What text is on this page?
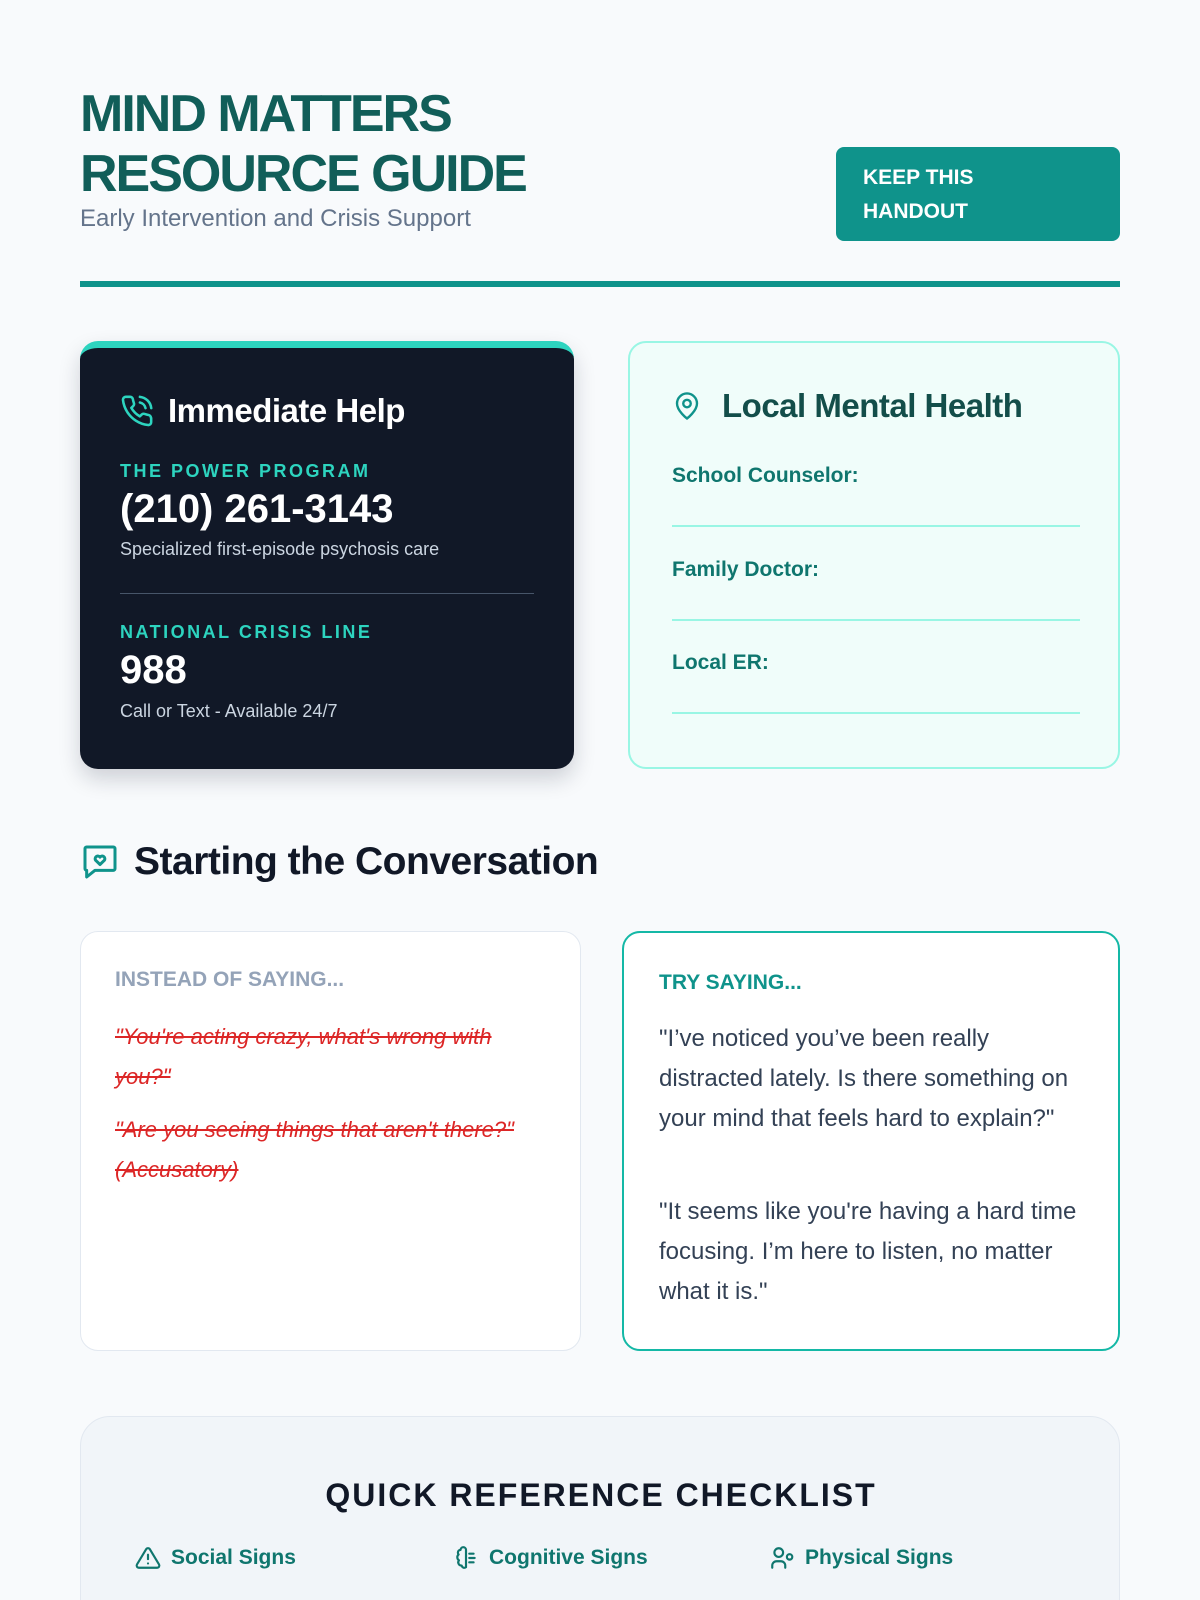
MIND MATTERS RESOURCE GUIDE
Early Intervention and Crisis Support
KEEP THIS
HANDOUT
Immediate Help
THE POWER PROGRAM
(210) 261-3143
Specialized first-episode psychosis care
NATIONAL CRISIS LINE
988
Call or Text - Available 24/7
Local Mental Health
School Counselor:
Family Doctor:
Local ER:
Starting the Conversation
INSTEAD OF SAYING...
"You're acting crazy, what's wrong with you?"
"Are you seeing things that aren't there?" (Accusatory)
TRY SAYING...
"I’ve noticed you’ve been really distracted lately. Is there something on your mind that feels hard to explain?"
"It seems like you're having a hard time focusing. I’m here to listen, no matter what it is."
QUICK REFERENCE CHECKLIST
Social Signs	Cognitive Signs	Physical Signs
